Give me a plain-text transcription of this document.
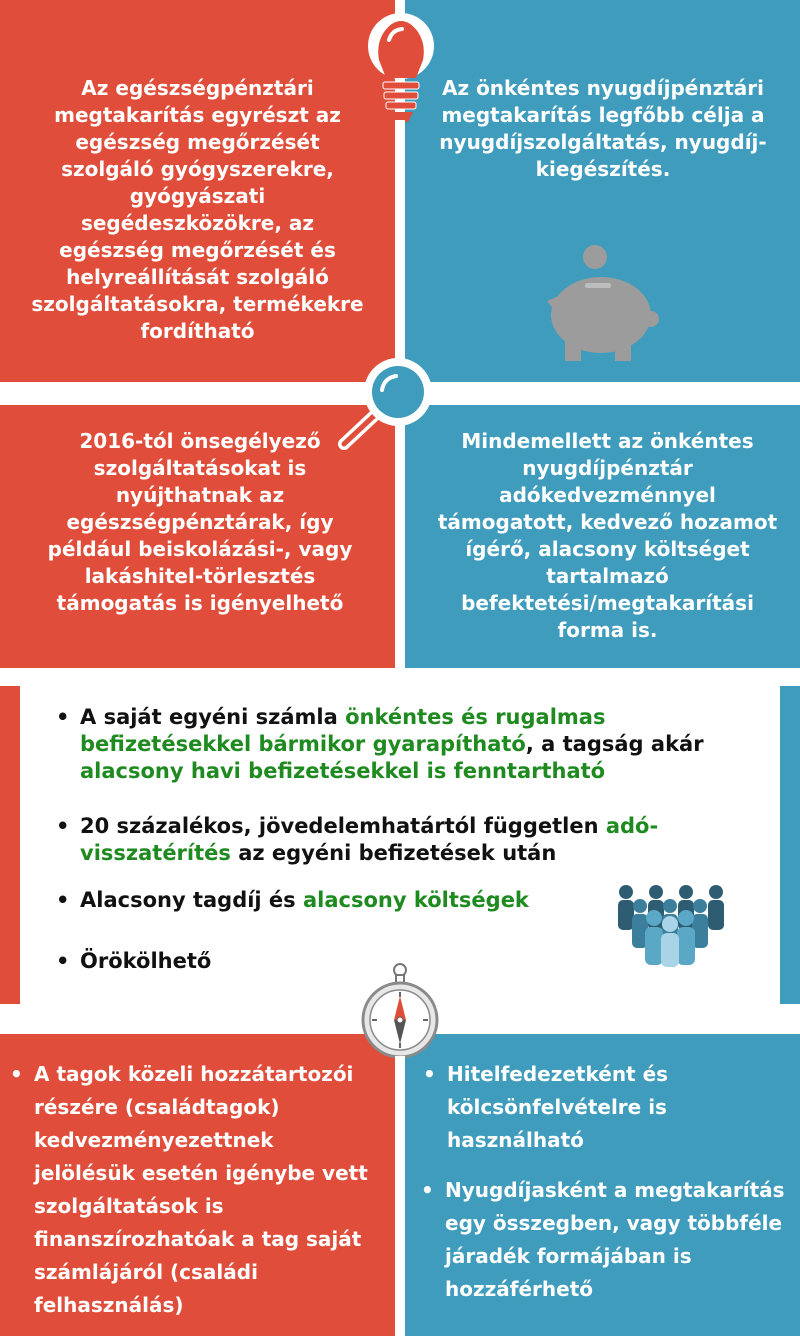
Az egészségpénztári megtakarítás egyrészt az egészség megőrzését szolgáló gyógyszerekre, gyógyászati segédeszközökre, az egészség megőrzését és helyreállítását szolgáló szolgáltatásokra, termékekre fordítható
Az önkéntes nyugdíjpénztári megtakarítás legfőbb célja a nyugdíjszolgáltatás, nyugdíj-kiegészítés.
2016-tól önsegélyező szolgáltatásokat is nyújthatnak az egészségpénztárak, így például beiskolázási-, vagy lakáshitel-törlesztés támogatás is igényelhető
Mindemellett az önkéntes nyugdíjpénztár adókedvezménnyel támogatott, kedvező hozamot ígérő, alacsony költséget tartalmazó befektetési/megtakarítási forma is.
• A saját egyéni számla önkéntes és rugalmas befizetésekkel bármikor gyarapítható, a tagság akár alacsony havi befizetésekkel is fenntartható
• 20 százalékos, jövedelemhatártól független adó-visszatérítés az egyéni befizetések után
• Alacsony tagdíj és alacsony költségek
• Örökölhető
• A tagok közeli hozzátartozói részére (családtagok) kedvezményezettnek jelölésük esetén igénybe vett szolgáltatások is finanszírozhatóak a tag saját számlájáról (családi felhasználás)
• Hitelfedezetként és kölcsönfelvételre is használható
• Nyugdíjasként a megtakarítás egy összegben, vagy többféle járadék formájában is hozzáférhető
